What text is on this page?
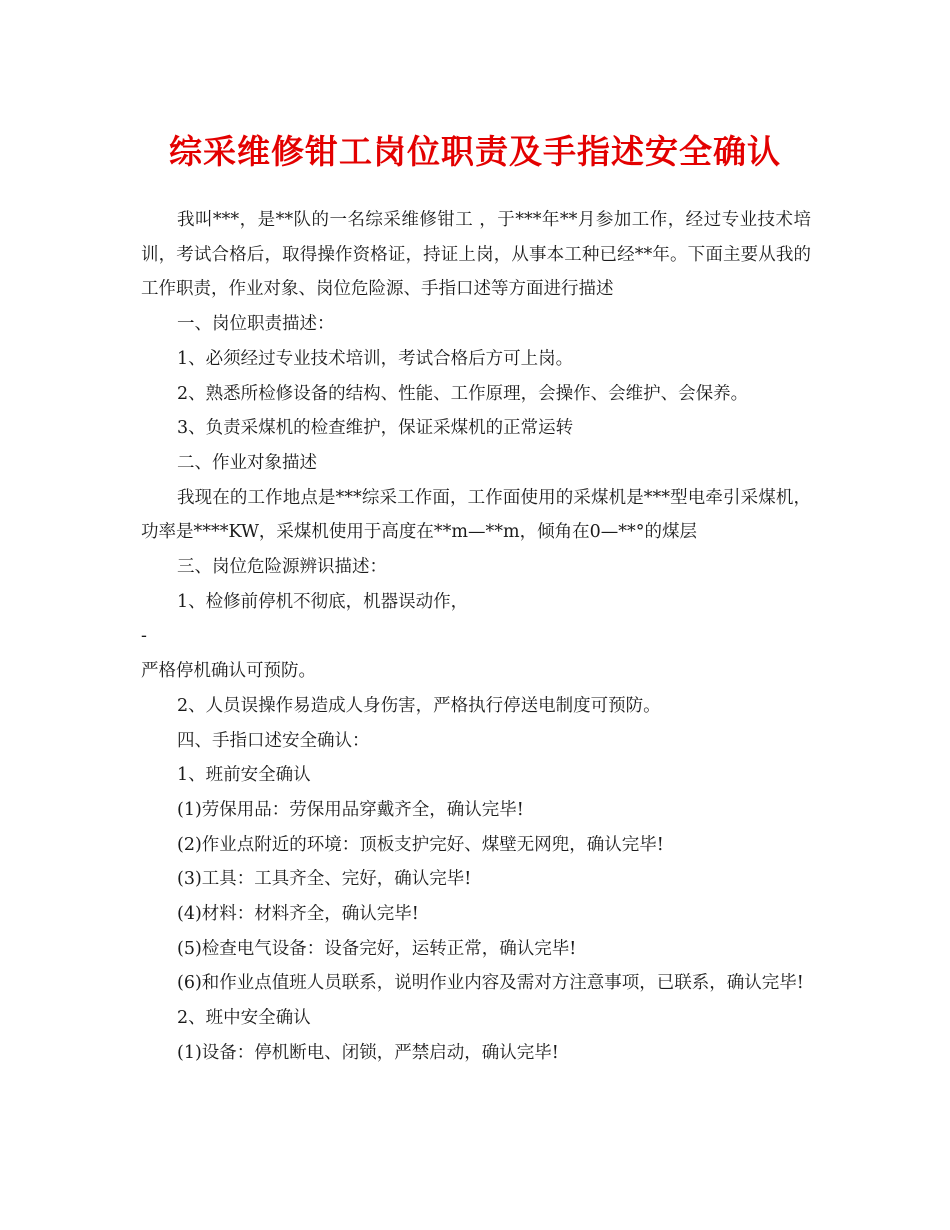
综采维修钳工岗位职责及手指述安全确认

我叫***，是**队的一名综采维修钳工 ，于***年**月参加工作，经过专业技术培训，考试合格后，取得操作资格证，持证上岗，从事本工种已经**年。下面主要从我的工作职责，作业对象、岗位危险源、手指口述等方面进行描述

一、岗位职责描述：

1、必须经过专业技术培训，考试合格后方可上岗。

2、熟悉所检修设备的结构、性能、工作原理，会操作、会维护、会保养。

3、负责采煤机的检查维护，保证采煤机的正常运转

二、作业对象描述

我现在的工作地点是***综采工作面，工作面使用的采煤机是***型电牵引采煤机，功率是****KW，采煤机使用于高度在**m—**m，倾角在0—**°的煤层

三、岗位危险源辨识描述：

1、检修前停机不彻底，机器误动作，

-

严格停机确认可预防。

2、人员误操作易造成人身伤害，严格执行停送电制度可预防。

四、手指口述安全确认：

1、班前安全确认

(1)劳保用品：劳保用品穿戴齐全，确认完毕!

(2)作业点附近的环境：顶板支护完好、煤壁无网兜，确认完毕!

(3)工具：工具齐全、完好，确认完毕!

(4)材料：材料齐全，确认完毕!

(5)检查电气设备：设备完好，运转正常，确认完毕!

(6)和作业点值班人员联系，说明作业内容及需对方注意事项，已联系，确认完毕!

2、班中安全确认

(1)设备：停机断电、闭锁，严禁启动，确认完毕!
